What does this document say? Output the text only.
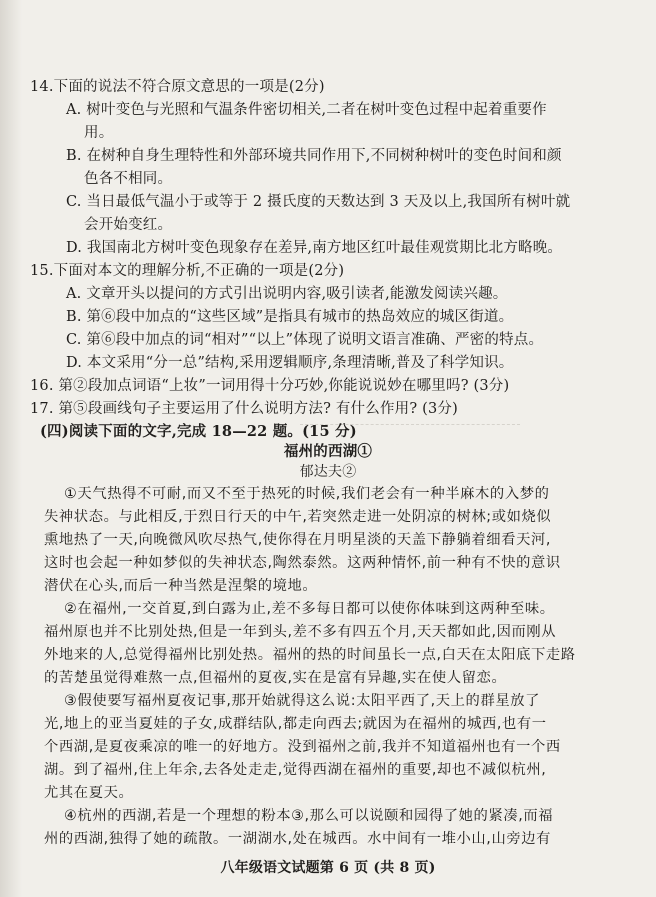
14.下面的说法不符合原文意思的一项是(2分)
A. 树叶变色与光照和气温条件密切相关,二者在树叶变色过程中起着重要作
用。
B. 在树种自身生理特性和外部环境共同作用下,不同树种树叶的变色时间和颜
色各不相同。
C. 当日最低气温小于或等于 2 摄氏度的天数达到 3 天及以上,我国所有树叶就
会开始变红。
D. 我国南北方树叶变色现象存在差异,南方地区红叶最佳观赏期比北方略晚。
15.下面对本文的理解分析,不正确的一项是(2分)
A. 文章开头以提问的方式引出说明内容,吸引读者,能激发阅读兴趣。
B. 第⑥段中加点的“这些区域”是指具有城市的热岛效应的城区街道。
C. 第⑥段中加点的词“相对”“以上”体现了说明文语言准确、严密的特点。
D. 本文采用“分一总”结构,采用逻辑顺序,条理清晰,普及了科学知识。
16. 第②段加点词语“上妆”一词用得十分巧妙,你能说说妙在哪里吗? (3分)
17. 第⑤段画线句子主要运用了什么说明方法? 有什么作用? (3分)
(四)阅读下面的文字,完成 18—22 题。(15 分)
福州的西湖①
郁达夫②
①天气热得不可耐,而又不至于热死的时候,我们老会有一种半麻木的入梦的
失神状态。与此相反,于烈日行天的中午,若突然走进一处阴凉的树林;或如烧似
熏地热了一天,向晚微风吹尽热气,使你得在月明星淡的天盖下静躺着细看天河,
这时也会起一种如梦似的失神状态,陶然泰然。这两种情怀,前一种有不快的意识
潜伏在心头,而后一种当然是涅槃的境地。
②在福州,一交首夏,到白露为止,差不多每日都可以使你体味到这两种至味。
福州原也并不比别处热,但是一年到头,差不多有四五个月,天天都如此,因而刚从
外地来的人,总觉得福州比别处热。福州的热的时间虽长一点,白天在太阳底下走路
的苦楚虽觉得难熬一点,但福州的夏夜,实在是富有异趣,实在使人留恋。
③假使要写福州夏夜记事,那开始就得这么说:太阳平西了,天上的群星放了
光,地上的亚当夏娃的子女,成群结队,都走向西去;就因为在福州的城西,也有一
个西湖,是夏夜乘凉的唯一的好地方。没到福州之前,我并不知道福州也有一个西
湖。到了福州,住上年余,去各处走走,觉得西湖在福州的重要,却也不减似杭州,
尤其在夏天。
④杭州的西湖,若是一个理想的粉本③,那么可以说颐和园得了她的紧凑,而福
州的西湖,独得了她的疏散。一湖湖水,处在城西。水中间有一堆小山,山旁边有
八年级语文试题第 6 页 (共 8 页)
